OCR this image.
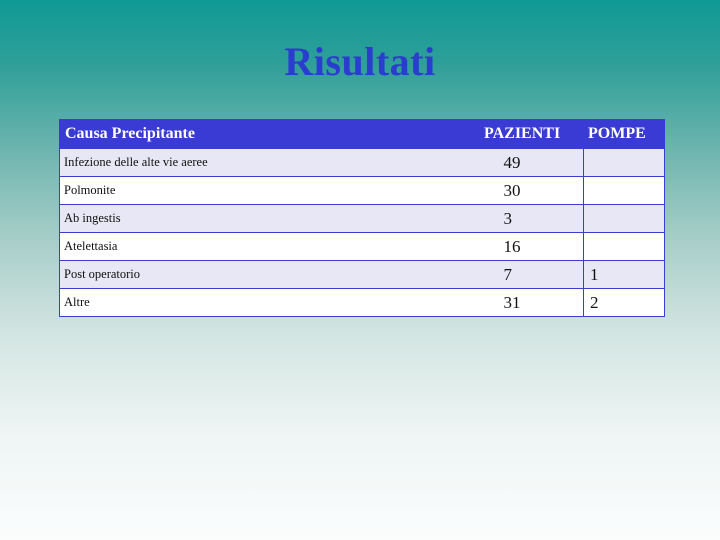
Risultati
Causa Precipitante	PAZIENTI	POMPE
Infezione delle alte vie aeree	49	
Polmonite	30	
Ab ingestis	3	
Atelettasia	16	
Post operatorio	7	1
Altre	31	2
